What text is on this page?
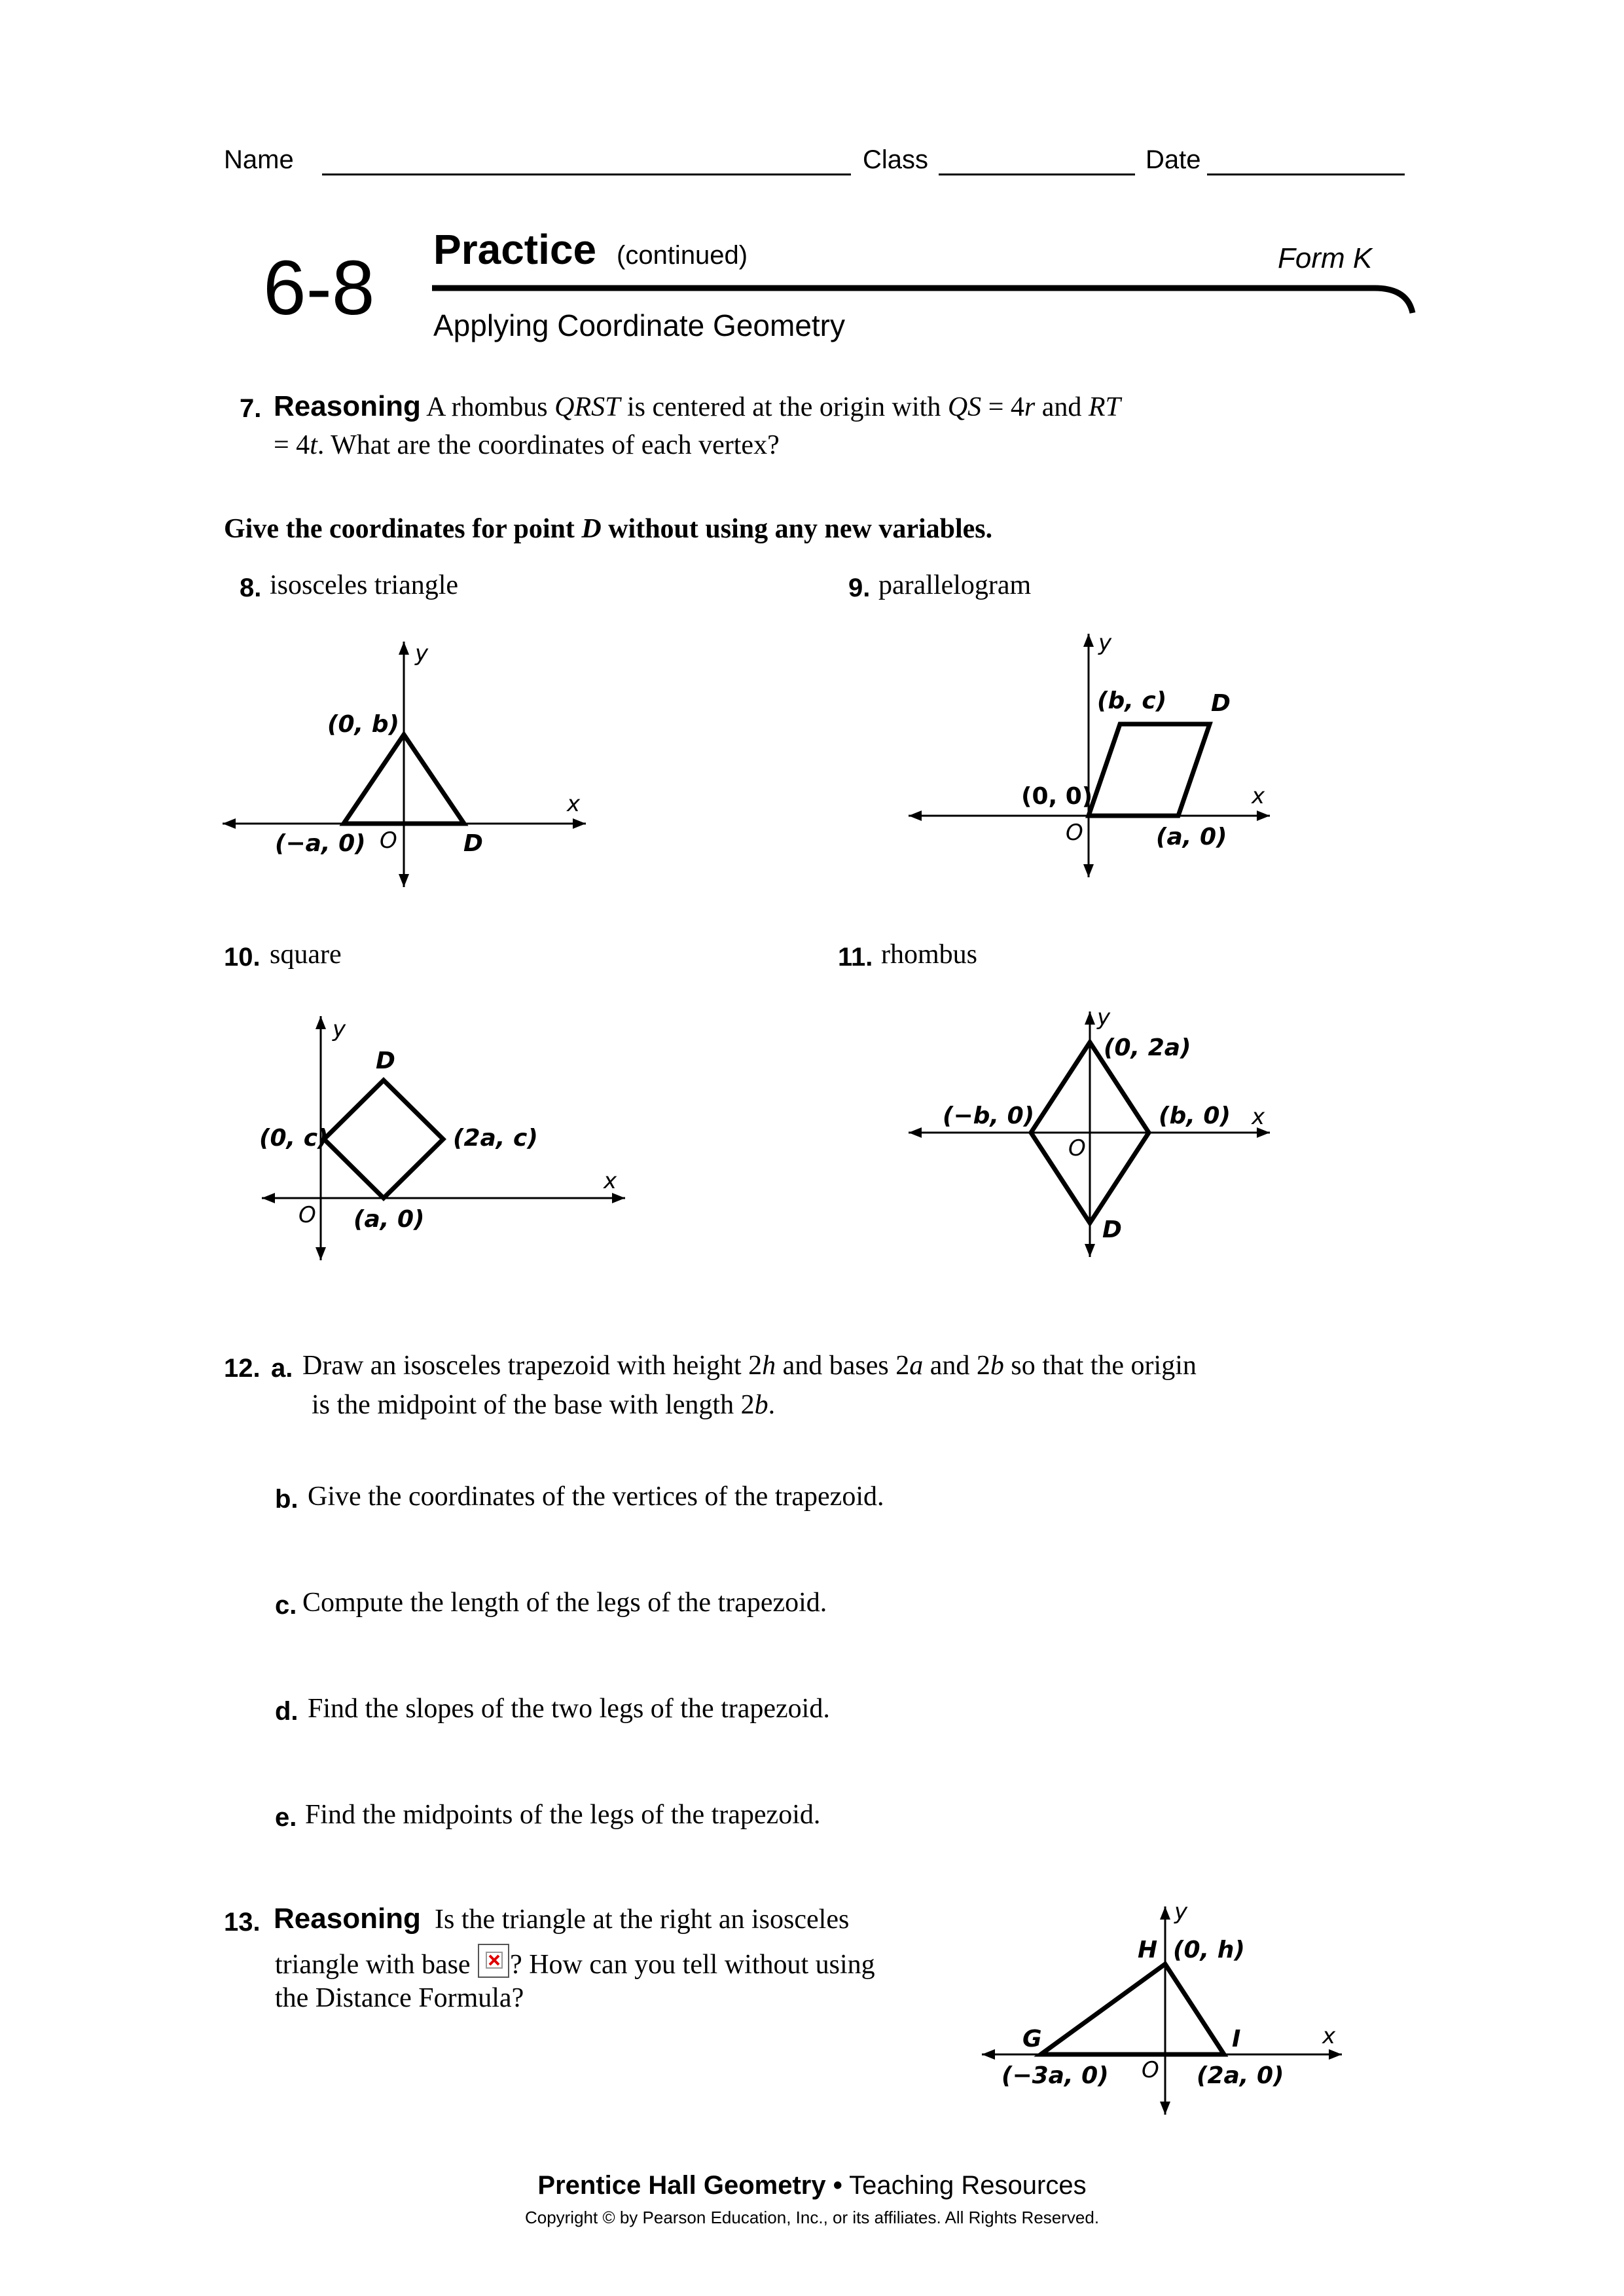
Name	Class	Date
6-8 Practice (continued)	Form K
Applying Coordinate Geometry
7. Reasoning A rhombus QRST is centered at the origin with QS = 4r and RT
= 4t. What are the coordinates of each vertex?
Give the coordinates for point D without using any new variables.
8. isosceles triangle
y
x
O
(0, b)
(−a, 0)	D
9. parallelogram
y
x
O
(b, c) D
(0, 0)
(a, 0)
10. square
y
x
O
D
(0, c)	(2a, c)
(a, 0)
11. rhombus
y
x
O
(0, 2a)
(−b, 0)	(b, 0)
D
12. a. Draw an isosceles trapezoid with height 2h and bases 2a and 2b so that the origin
is the midpoint of the base with length 2b.
b. Give the coordinates of the vertices of the trapezoid.
c. Compute the length of the legs of the trapezoid.
d. Find the slopes of the two legs of the trapezoid.
e. Find the midpoints of the legs of the trapezoid.
13. Reasoning Is the triangle at the right an isosceles
triangle with base ? How can you tell without using
the Distance Formula?
y
x
O
H (0, h)
G
(−3a, 0)
I
(2a, 0)
Prentice Hall Geometry • Teaching Resources
Copyright © by Pearson Education, Inc., or its affiliates. All Rights Reserved.
